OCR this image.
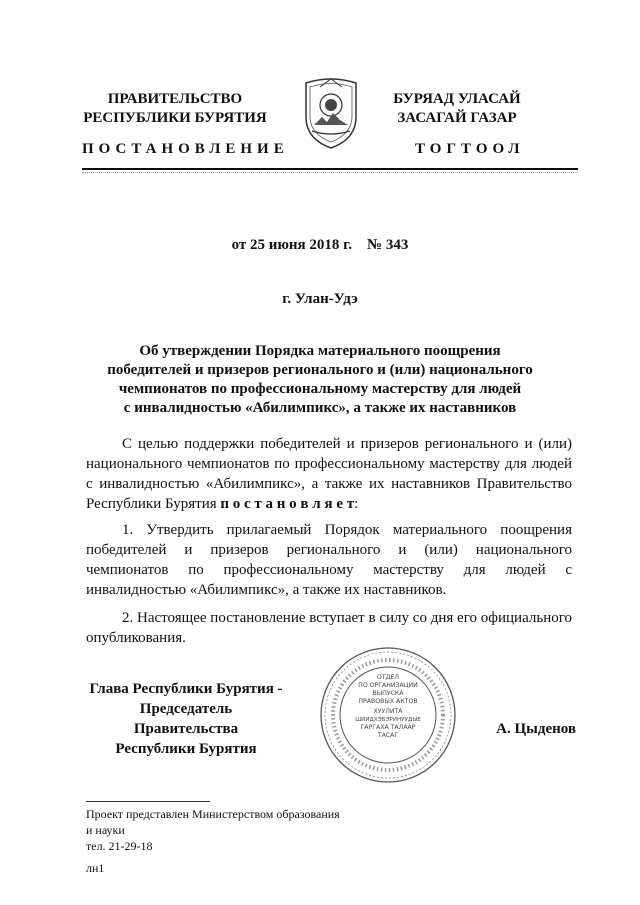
ПРАВИТЕЛЬСТВО
РЕСПУБЛИКИ БУРЯТИЯ
БУРЯАД УЛАСАЙ
ЗАСАГАЙ ГАЗАР
ПОСТАНОВЛЕНИЕ	ТОГТООЛ
от 25 июня 2018 г.    № 343
г. Улан-Удэ
Об утверждении Порядка материального поощрения
победителей и призеров регионального и (или) национального
чемпионатов по профессиональному мастерству для людей
с инвалидностью «Абилимпикс», а также их наставников
С целью поддержки победителей и призеров регионального и (или) национального чемпионатов по профессиональному мастерству для людей с инвалидностью «Абилимпикс», а также их наставников Правительство Республики Бурятия п о с т а н о в л я е т:
1. Утвердить прилагаемый Порядок материального поощрения победителей и призеров регионального и (или) национального чемпионатов по профессиональному мастерству для людей с инвалидностью «Абилимпикс», а также их наставников.
2. Настоящее постановление вступает в силу со дня его официального опубликования.
Глава Республики Бурятия -
Председатель Правительства
Республики Бурятия
ОТДЕЛ
ПО ОРГАНИЗАЦИИ
ВЫПУСКА
ПРАВОВЫХ АКТОВ
ХУУЛИТА
ШИИДХЭБЭРИНУУДЫЕ
ГАРГАХА ТАЛААР
ТАСАГ	А. Цыденов
Проект представлен Министерством образования
и науки
тел. 21-29-18
лн1
